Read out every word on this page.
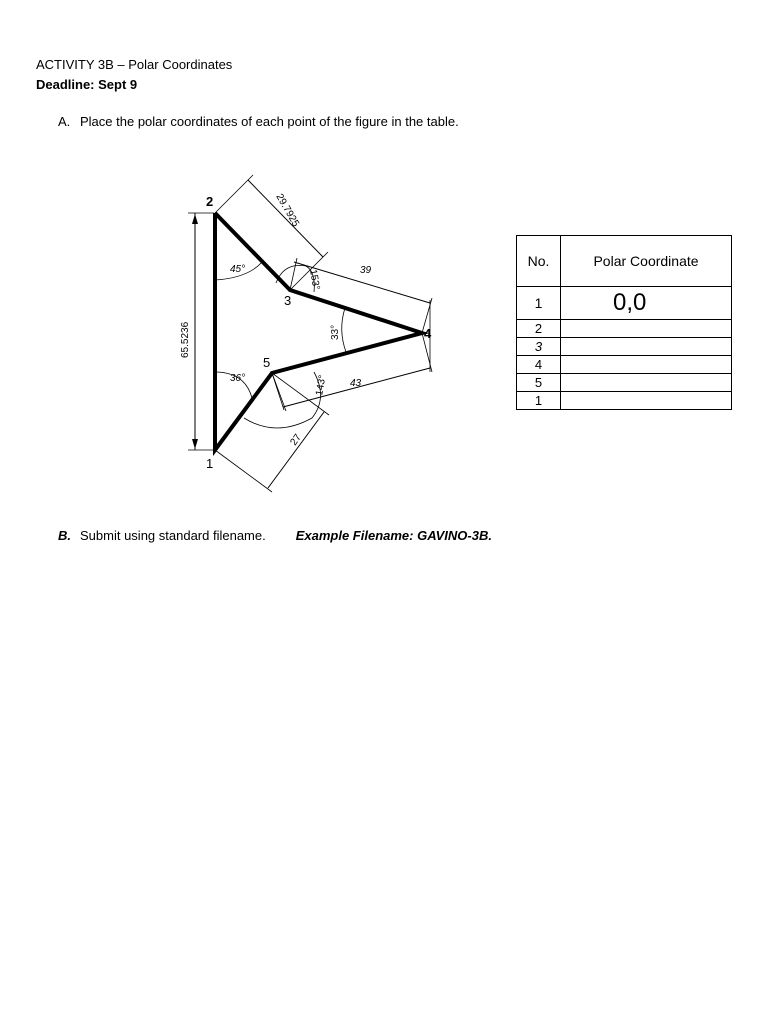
ACTIVITY 3B – Polar Coordinates
Deadline: Sept 9
A. Place the polar coordinates of each point of the figure in the table.
1
2
3
4
5
65.5236
29.7925
39
43
27
45°	153°
33°
36°	143°
No.	Polar Coordinate
1	0,0
2	
3	
4	
5	
1	
B. Submit using standard filename. Example Filename: GAVINO-3B.
